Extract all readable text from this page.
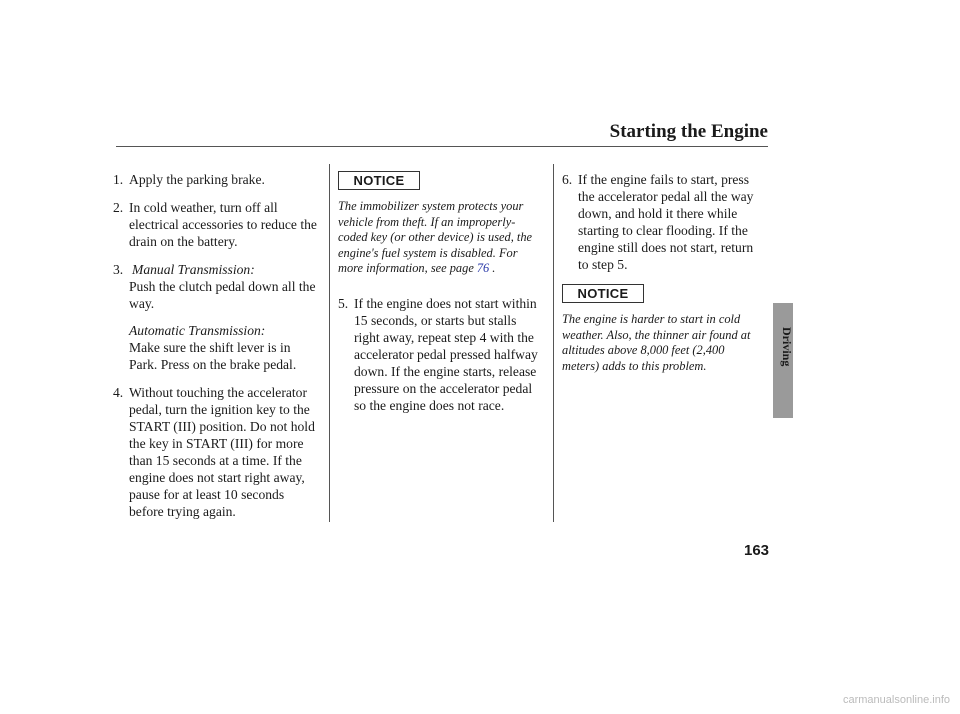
Starting the Engine
1. Apply the parking brake.
2. In cold weather, turn off all electrical accessories to reduce the drain on the battery.
3. Manual Transmission:
Push the clutch pedal down all the way.
Automatic Transmission:
Make sure the shift lever is in Park. Press on the brake pedal.
4. Without touching the accelerator pedal, turn the ignition key to the START (III) position. Do not hold the key in START (III) for more than 15 seconds at a time. If the engine does not start right away, pause for at least 10 seconds before trying again.
NOTICE

The immobilizer system protects your vehicle from theft. If an improperly-coded key (or other device) is used, the engine's fuel system is disabled. For more information, see page 76 .

5. If the engine does not start within 15 seconds, or starts but stalls right away, repeat step 4 with the accelerator pedal pressed halfway down. If the engine starts, release pressure on the accelerator pedal so the engine does not race.
6. If the engine fails to start, press the accelerator pedal all the way down, and hold it there while starting to clear flooding. If the engine still does not start, return to step 5.
NOTICE

The engine is harder to start in cold weather. Also, the thinner air found at altitudes above 8,000 feet (2,400 meters) adds to this problem.	Driving
163
carmanualsonline.info
